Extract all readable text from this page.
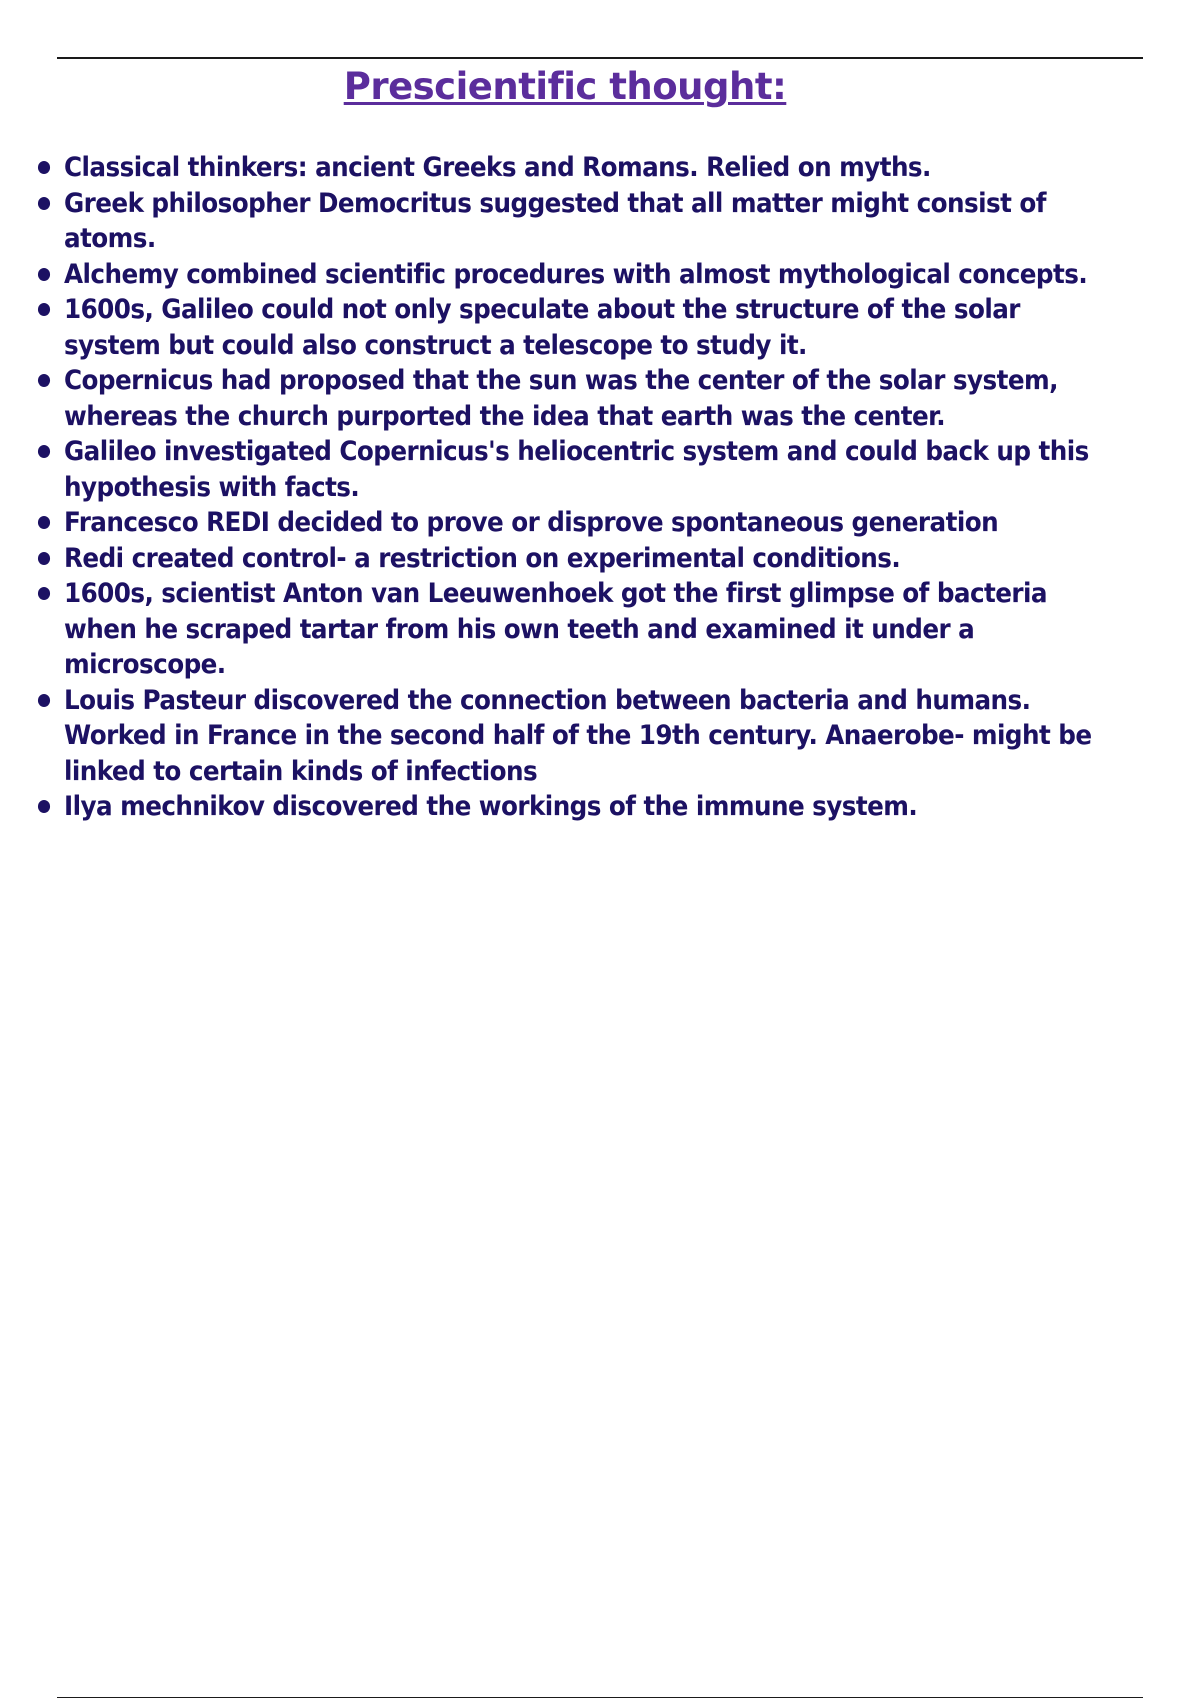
Prescientific thought:
Classical thinkers: ancient Greeks and Romans. Relied on myths.
Greek philosopher Democritus suggested that all matter might consist of atoms.
Alchemy combined scientific procedures with almost mythological concepts.
1600s, Galileo could not only speculate about the structure of the solar system but could also construct a telescope to study it.
Copernicus had proposed that the sun was the center of the solar system, whereas the church purported the idea that earth was the center.
Galileo investigated Copernicus's heliocentric system and could back up this hypothesis with facts.
Francesco REDI decided to prove or disprove spontaneous generation
Redi created control- a restriction on experimental conditions.
1600s, scientist Anton van Leeuwenhoek got the first glimpse of bacteria when he scraped tartar from his own teeth and examined it under a microscope.
Louis Pasteur discovered the connection between bacteria and humans. Worked in France in the second half of the 19th century. Anaerobe- might be linked to certain kinds of infections
Ilya mechnikov discovered the workings of the immune system.
